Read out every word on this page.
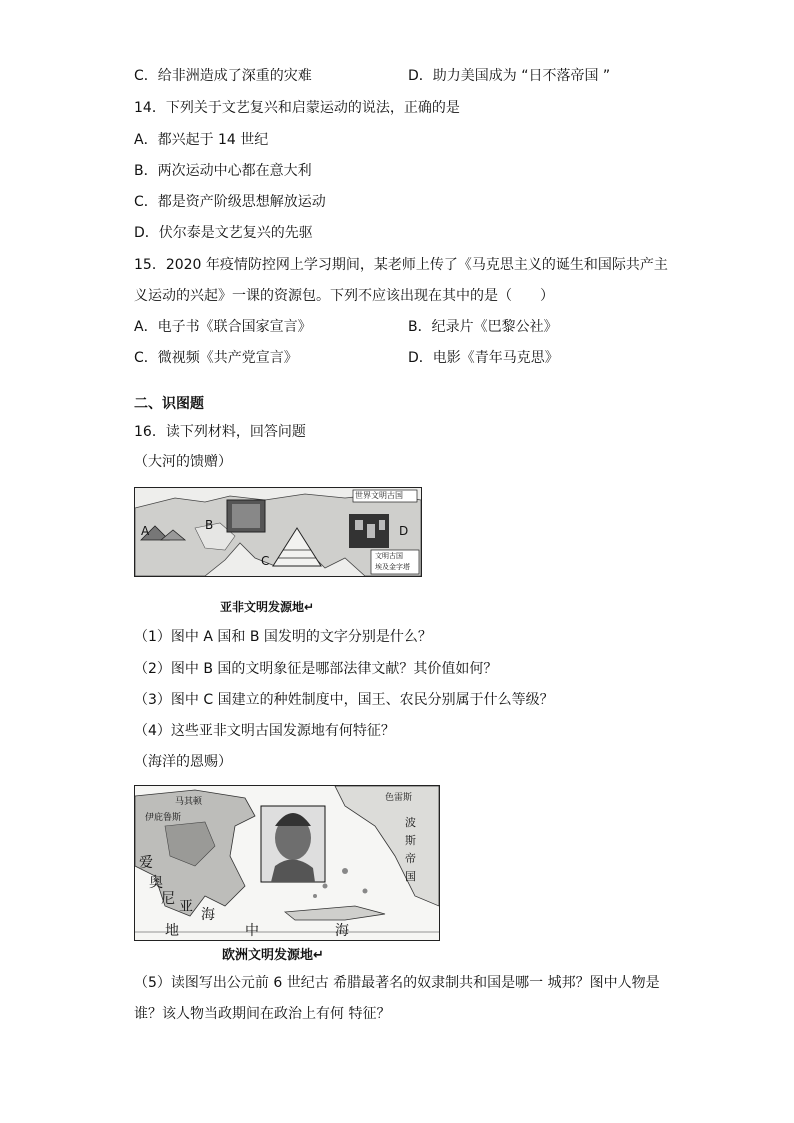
C．给非洲造成了深重的灾难	D．助力美国成为 “日不落帝国 ”
14．下列关于文艺复兴和启蒙运动的说法，正确的是
A．都兴起于 14 世纪
B．两次运动中心都在意大利
C．都是资产阶级思想解放运动
D．伏尔泰是文艺复兴的先驱
15．2020 年疫情防控网上学习期间，某老师上传了《马克思主义的诞生和国际共产主
义运动的兴起》一课的资源包。下列不应该出现在其中的是（　　）
A．电子书《联合国家宣言》	B．纪录片《巴黎公社》
C．微视频《共产党宣言》	D．电影《青年马克思》
二、识图题
16．读下列材料，回答问题
（大河的馈赠）
世界文明古国
文明古国
埃及金字塔
A	B
C
D
亚非文明发源地↵
（1）图中 A 国和 B 国发明的文字分别是什么？
（2）图中 B 国的文明象征是哪部法律文献？其价值如何？
（3）图中 C 国建立的种姓制度中，国王、农民分别属于什么等级？
（4）这些亚非文明古国发源地有何特征？
（海洋的恩赐）
马其顿	色雷斯
伊庇鲁斯	波
斯
帝
国
爱
奥
尼 亚 海
地	中	海
欧洲文明发源地↵
（5）读图写出公元前 6 世纪古 希腊最著名的奴隶制共和国是哪一 城邦？图中人物是
谁？该人物当政期间在政治上有何 特征？
